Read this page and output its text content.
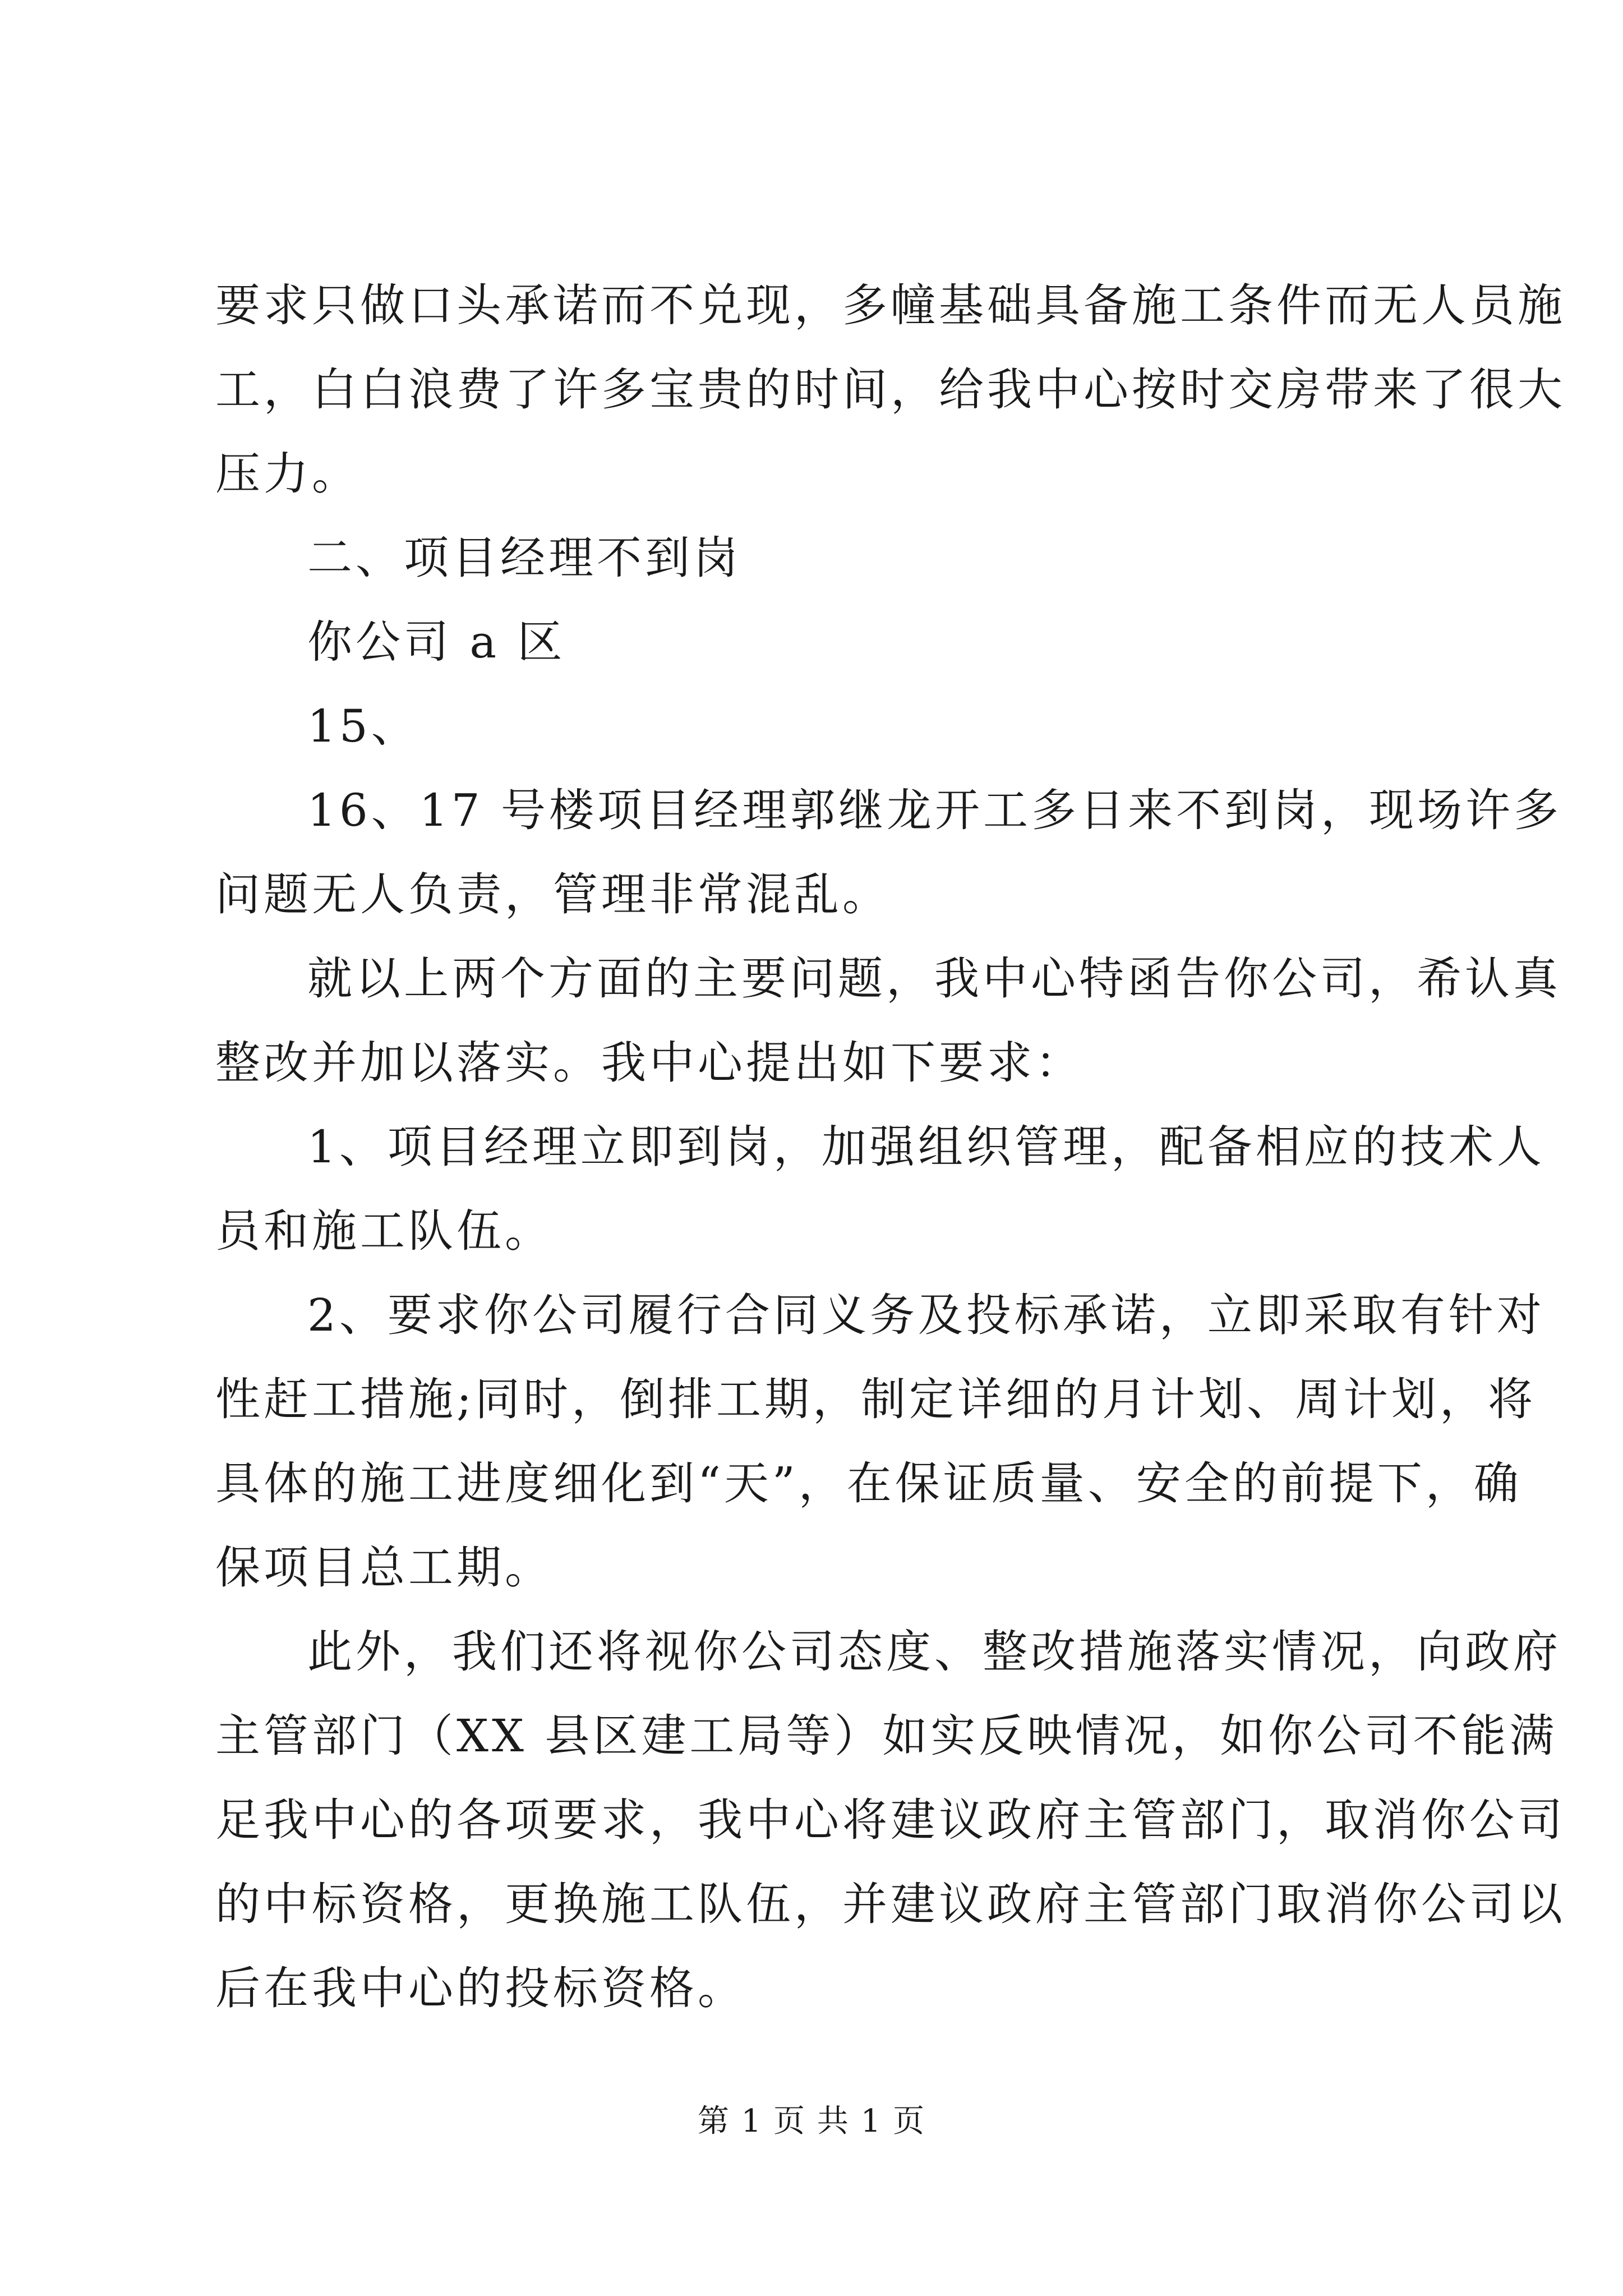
要求只做口头承诺而不兑现，多幢基础具备施工条件而无人员施
工，白白浪费了许多宝贵的时间，给我中心按时交房带来了很大
压力。
二、项目经理不到岗
你公司 a 区
15、
16、17 号楼项目经理郭继龙开工多日来不到岗，现场许多
问题无人负责，管理非常混乱。
就以上两个方面的主要问题，我中心特函告你公司，希认真
整改并加以落实。我中心提出如下要求：
1、项目经理立即到岗，加强组织管理，配备相应的技术人
员和施工队伍。
2、要求你公司履行合同义务及投标承诺，立即采取有针对
性赶工措施;同时，倒排工期，制定详细的月计划、周计划，将
具体的施工进度细化到“天”，在保证质量、安全的前提下，确
保项目总工期。
此外，我们还将视你公司态度、整改措施落实情况，向政府
主管部门（XX 县区建工局等）如实反映情况，如你公司不能满
足我中心的各项要求，我中心将建议政府主管部门，取消你公司
的中标资格，更换施工队伍，并建议政府主管部门取消你公司以
后在我中心的投标资格。
第 1 页 共 1 页
